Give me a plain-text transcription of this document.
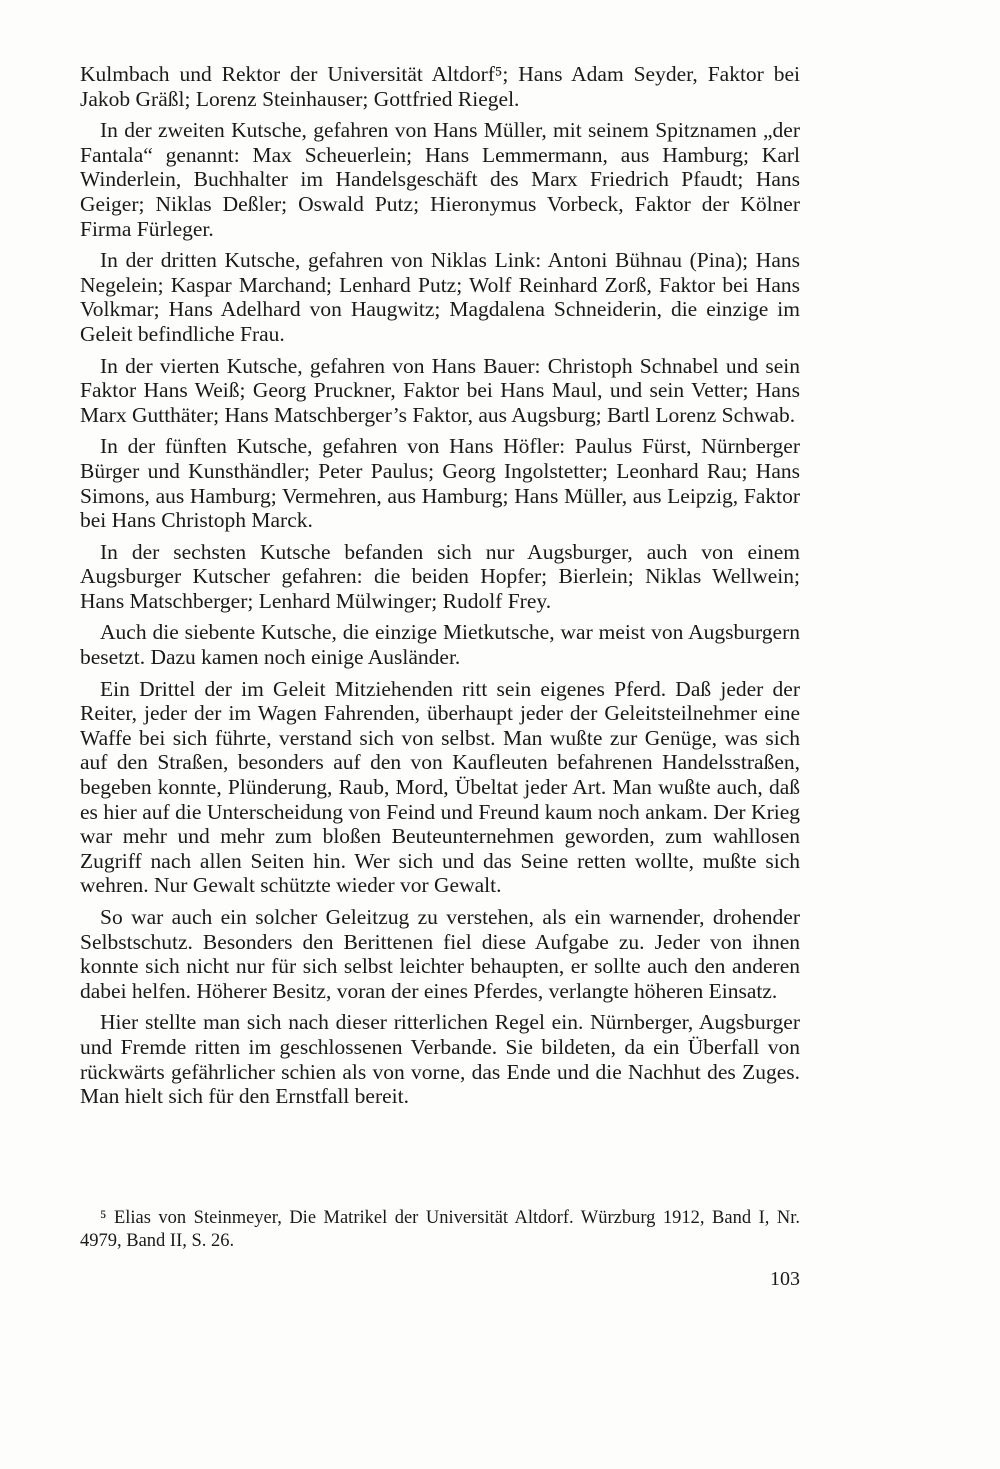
Kulmbach und Rektor der Universität Altdorf⁵; Hans Adam Seyder, Faktor bei Jakob Gräßl; Lorenz Steinhauser; Gottfried Riegel.

In der zweiten Kutsche, gefahren von Hans Müller, mit seinem Spitznamen „der Fantala“ genannt: Max Scheuerlein; Hans Lemmermann, aus Hamburg; Karl Winderlein, Buchhalter im Handelsgeschäft des Marx Friedrich Pfaudt; Hans Geiger; Niklas Deßler; Oswald Putz; Hieronymus Vorbeck, Faktor der Kölner Firma Fürleger.

In der dritten Kutsche, gefahren von Niklas Link: Antoni Bühnau (Pina); Hans Negelein; Kaspar Marchand; Lenhard Putz; Wolf Reinhard Zorß, Faktor bei Hans Volkmar; Hans Adelhard von Haugwitz; Magdalena Schneiderin, die einzige im Geleit befindliche Frau.

In der vierten Kutsche, gefahren von Hans Bauer: Christoph Schnabel und sein Faktor Hans Weiß; Georg Pruckner, Faktor bei Hans Maul, und sein Vetter; Hans Marx Gutthäter; Hans Matschberger’s Faktor, aus Augsburg; Bartl Lorenz Schwab.

In der fünften Kutsche, gefahren von Hans Höfler: Paulus Fürst, Nürnberger Bürger und Kunsthändler; Peter Paulus; Georg Ingolstetter; Leonhard Rau; Hans Simons, aus Hamburg; Vermehren, aus Hamburg; Hans Müller, aus Leipzig, Faktor bei Hans Christoph Marck.

In der sechsten Kutsche befanden sich nur Augsburger, auch von einem Augsburger Kutscher gefahren: die beiden Hopfer; Bierlein; Niklas Wellwein; Hans Matschberger; Lenhard Mülwinger; Rudolf Frey.

Auch die siebente Kutsche, die einzige Mietkutsche, war meist von Augsburgern besetzt. Dazu kamen noch einige Ausländer.

Ein Drittel der im Geleit Mitziehenden ritt sein eigenes Pferd. Daß jeder der Reiter, jeder der im Wagen Fahrenden, überhaupt jeder der Geleitsteilnehmer eine Waffe bei sich führte, verstand sich von selbst. Man wußte zur Genüge, was sich auf den Straßen, besonders auf den von Kaufleuten befahrenen Handelsstraßen, begeben konnte, Plünderung, Raub, Mord, Übeltat jeder Art. Man wußte auch, daß es hier auf die Unterscheidung von Feind und Freund kaum noch ankam. Der Krieg war mehr und mehr zum bloßen Beuteunternehmen geworden, zum wahllosen Zugriff nach allen Seiten hin. Wer sich und das Seine retten wollte, mußte sich wehren. Nur Gewalt schützte wieder vor Gewalt.

So war auch ein solcher Geleitzug zu verstehen, als ein warnender, drohender Selbstschutz. Besonders den Berittenen fiel diese Aufgabe zu. Jeder von ihnen konnte sich nicht nur für sich selbst leichter behaupten, er sollte auch den anderen dabei helfen. Höherer Besitz, voran der eines Pferdes, verlangte höheren Einsatz.

Hier stellte man sich nach dieser ritterlichen Regel ein. Nürnberger, Augsburger und Fremde ritten im geschlossenen Verbande. Sie bildeten, da ein Überfall von rückwärts gefährlicher schien als von vorne, das Ende und die Nachhut des Zuges. Man hielt sich für den Ernstfall bereit.

⁵ Elias von Steinmeyer, Die Matrikel der Universität Altdorf. Würzburg 1912, Band I, Nr. 4979, Band II, S. 26.

103
